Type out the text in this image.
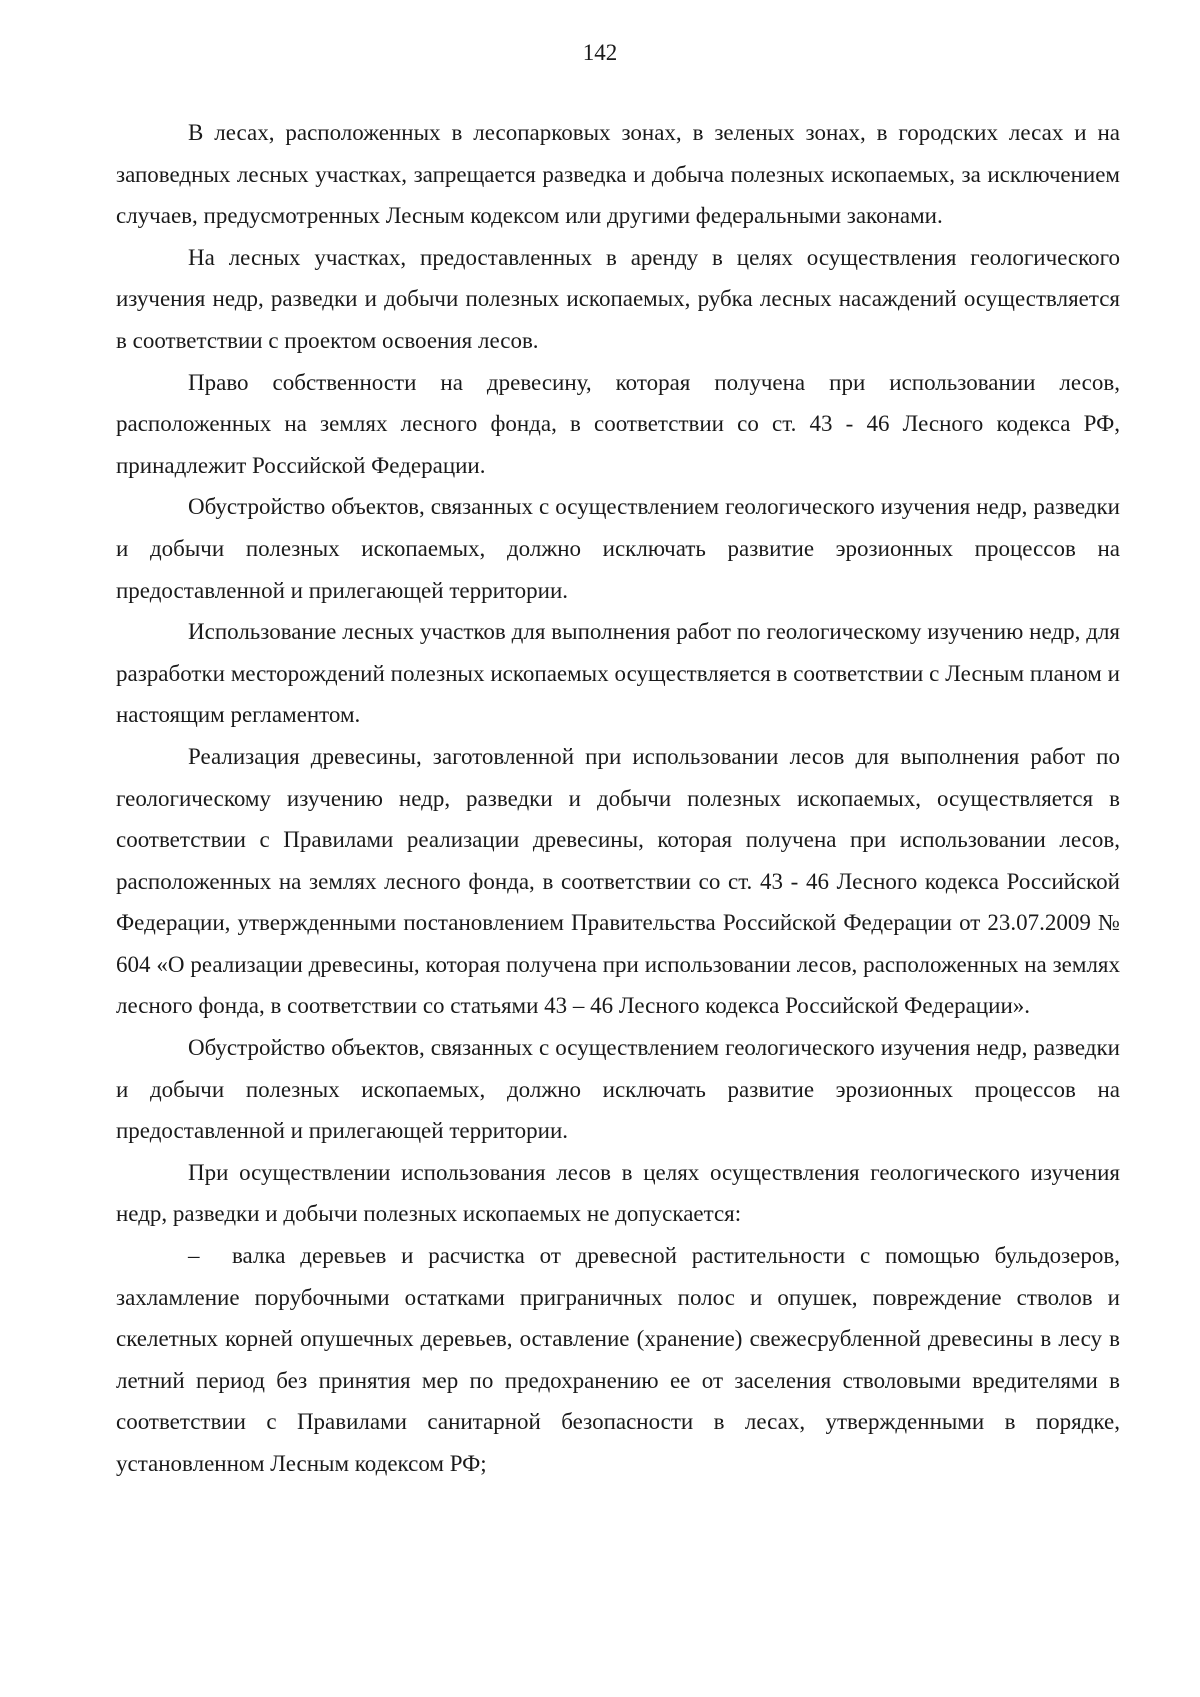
142

В лесах, расположенных в лесопарковых зонах, в зеленых зонах, в городских лесах и на заповедных лесных участках, запрещается разведка и добыча полезных ископаемых, за исключением случаев, предусмотренных Лесным кодексом или другими федеральными законами.

На лесных участках, предоставленных в аренду в целях осуществления геологического изучения недр, разведки и добычи полезных ископаемых, рубка лесных насаждений осуществляется в соответствии с проектом освоения лесов.

Право собственности на древесину, которая получена при использовании лесов, расположенных на землях лесного фонда, в соответствии со ст. 43 - 46 Лесного кодекса РФ, принадлежит Российской Федерации.

Обустройство объектов, связанных с осуществлением геологического изучения недр, разведки и добычи полезных ископаемых, должно исключать развитие эрозионных процессов на предоставленной и прилегающей территории.

Использование лесных участков для выполнения работ по геологическому изучению недр, для разработки месторождений полезных ископаемых осуществляется в соответствии с Лесным планом и настоящим регламентом.

Реализация древесины, заготовленной при использовании лесов для выполнения работ по геологическому изучению недр, разведки и добычи полезных ископаемых, осуществляется в соответствии с Правилами реализации древесины, которая получена при использовании лесов, расположенных на землях лесного фонда, в соответствии со ст. 43 - 46 Лесного кодекса Российской Федерации, утвержденными постановлением Правительства Российской Федерации от 23.07.2009 № 604 «О реализации древесины, которая получена при использовании лесов, расположенных на землях лесного фонда, в соответствии со статьями 43 – 46 Лесного кодекса Российской Федерации».

Обустройство объектов, связанных с осуществлением геологического изучения недр, разведки и добычи полезных ископаемых, должно исключать развитие эрозионных процессов на предоставленной и прилегающей территории.

При осуществлении использования лесов в целях осуществления геологического изучения недр, разведки и добычи полезных ископаемых не допускается:

– валка деревьев и расчистка от древесной растительности с помощью бульдозеров, захламление порубочными остатками приграничных полос и опушек, повреждение стволов и скелетных корней опушечных деревьев, оставление (хранение) свежесрубленной древесины в лесу в летний период без принятия мер по предохранению ее от заселения стволовыми вредителями в соответствии с Правилами санитарной безопасности в лесах, утвержденными в порядке, установленном Лесным кодексом РФ;
